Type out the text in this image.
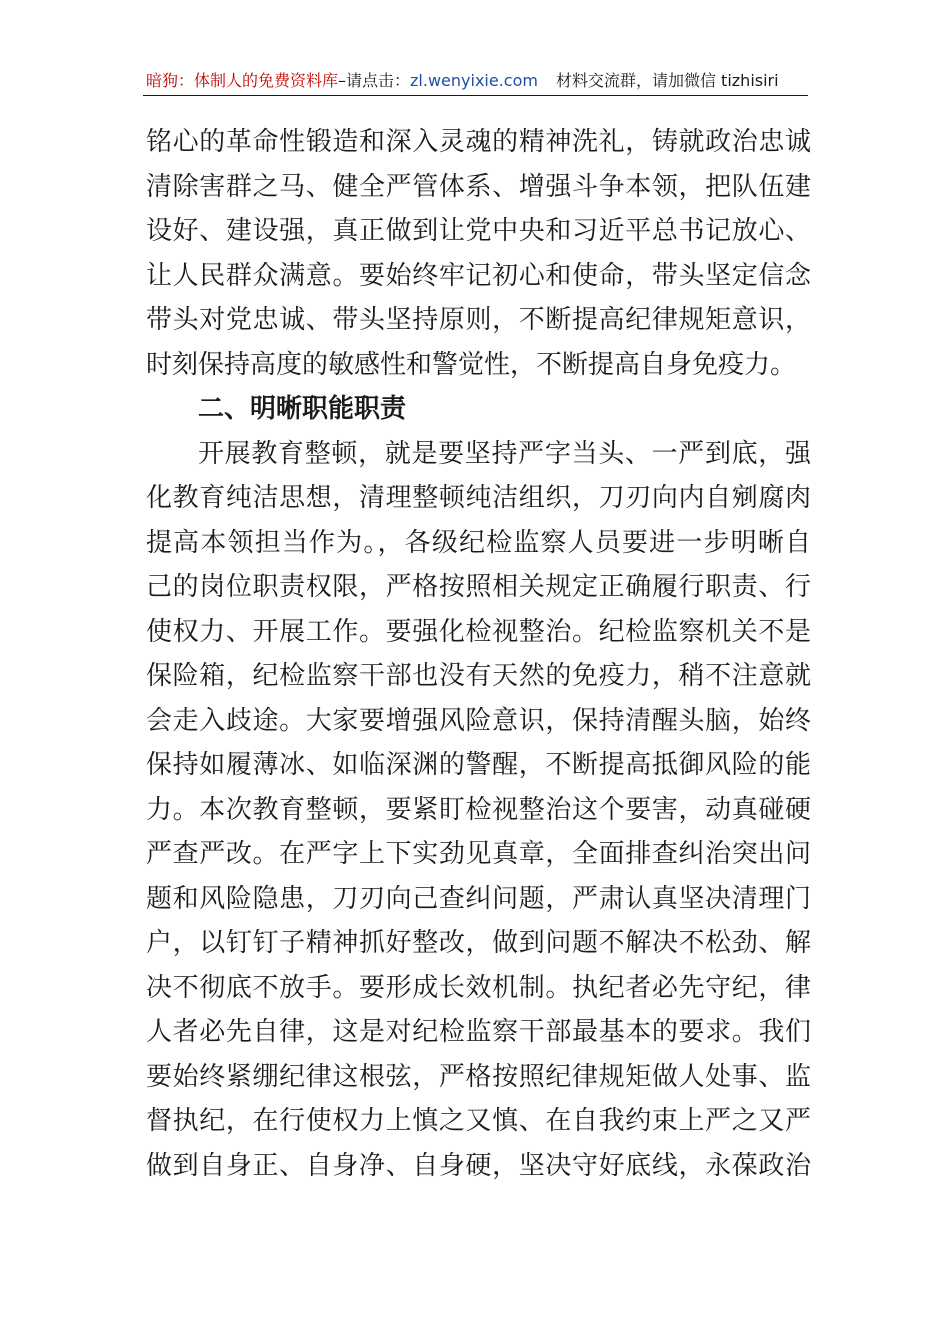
暗狗：体制人的免费资料库–请点击：zl.wenyixie.com 材料交流群，请加微信 tizhisiri
铭心的革命性锻造和深入灵魂的精神洗礼，铸就政治忠诚
清除害群之马、健全严管体系、增强斗争本领，把队伍建
设好、建设强，真正做到让党中央和习近平总书记放心、
让人民群众满意。要始终牢记初心和使命，带头坚定信念
带头对党忠诚、带头坚持原则，不断提高纪律规矩意识，
时刻保持高度的敏感性和警觉性，不断提高自身免疫力。
二、明晰职能职责
开展教育整顿，就是要坚持严字当头、一严到底，强
化教育纯洁思想，清理整顿纯洁组织，刀刃向内自剜腐肉
提高本领担当作为。，各级纪检监察人员要进一步明晰自
己的岗位职责权限，严格按照相关规定正确履行职责、行
使权力、开展工作。要强化检视整治。纪检监察机关不是
保险箱，纪检监察干部也没有天然的免疫力，稍不注意就
会走入歧途。大家要增强风险意识，保持清醒头脑，始终
保持如履薄冰、如临深渊的警醒，不断提高抵御风险的能
力。本次教育整顿，要紧盯检视整治这个要害，动真碰硬
严查严改。在严字上下实劲见真章，全面排查纠治突出问
题和风险隐患，刀刃向己查纠问题，严肃认真坚决清理门
户，以钉钉子精神抓好整改，做到问题不解决不松劲、解
决不彻底不放手。要形成长效机制。执纪者必先守纪，律
人者必先自律，这是对纪检监察干部最基本的要求。我们
要始终紧绷纪律这根弦，严格按照纪律规矩做人处事、监
督执纪，在行使权力上慎之又慎、在自我约束上严之又严
做到自身正、自身净、自身硬，坚决守好底线，永葆政治
